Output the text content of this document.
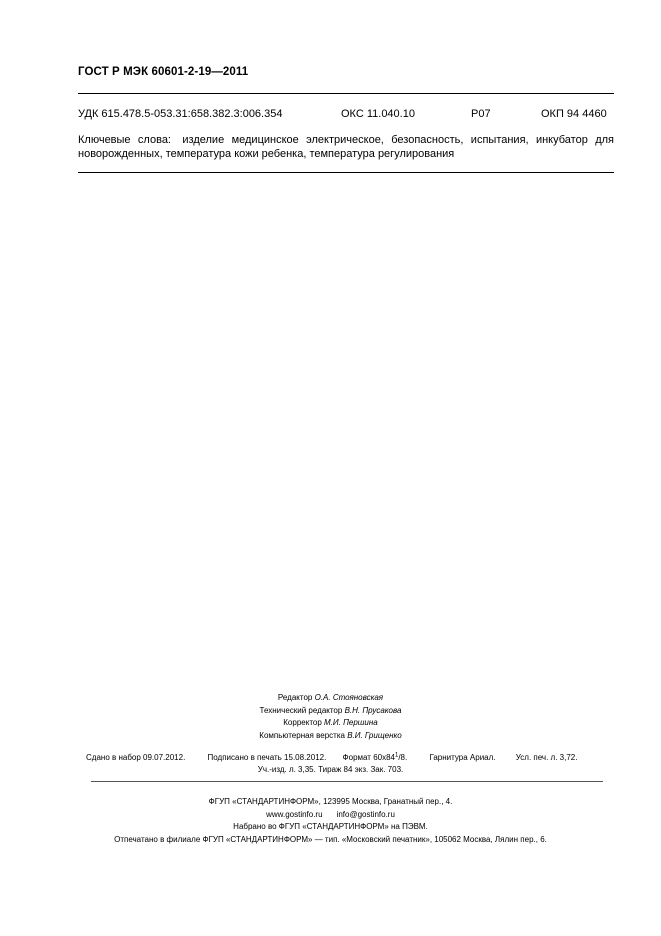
ГОСТ Р МЭК 60601-2-19—2011
УДК 615.478.5-053.31:658.382.3:006.354	ОКС 11.040.10	Р07	ОКП 94 4460
Ключевые слова: изделие медицинское электрическое, безопасность, испытания, инкубатор для новорожденных, температура кожи ребенка, температура регулирования
Редактор О.А. Стояновская
Технический редактор В.Н. Прусакова
Корректор М.И. Першина
Компьютерная верстка В.И. Грищенко
Сдано в набор 09.07.2012.	Подписано в печать 15.08.2012. Формат $60x84^1/8$.	Гарнитура Ариал.	Усл. печ. л. 3,72.
Уч.-изд. л. 3,35. Тираж 84 экз. Зак. 703.
ФГУП «СТАНДАРТИНФОРМ», 123995 Москва, Гранатный пер., 4.
www.gostinfo.ru info@gostinfo.ru
Набрано во ФГУП «СТАНДАРТИНФОРМ» на ПЭВМ.
Отпечатано в филиале ФГУП «СТАНДАРТИНФОРМ» — тип. «Московский печатник», 105062 Москва, Лялин пер., 6.
